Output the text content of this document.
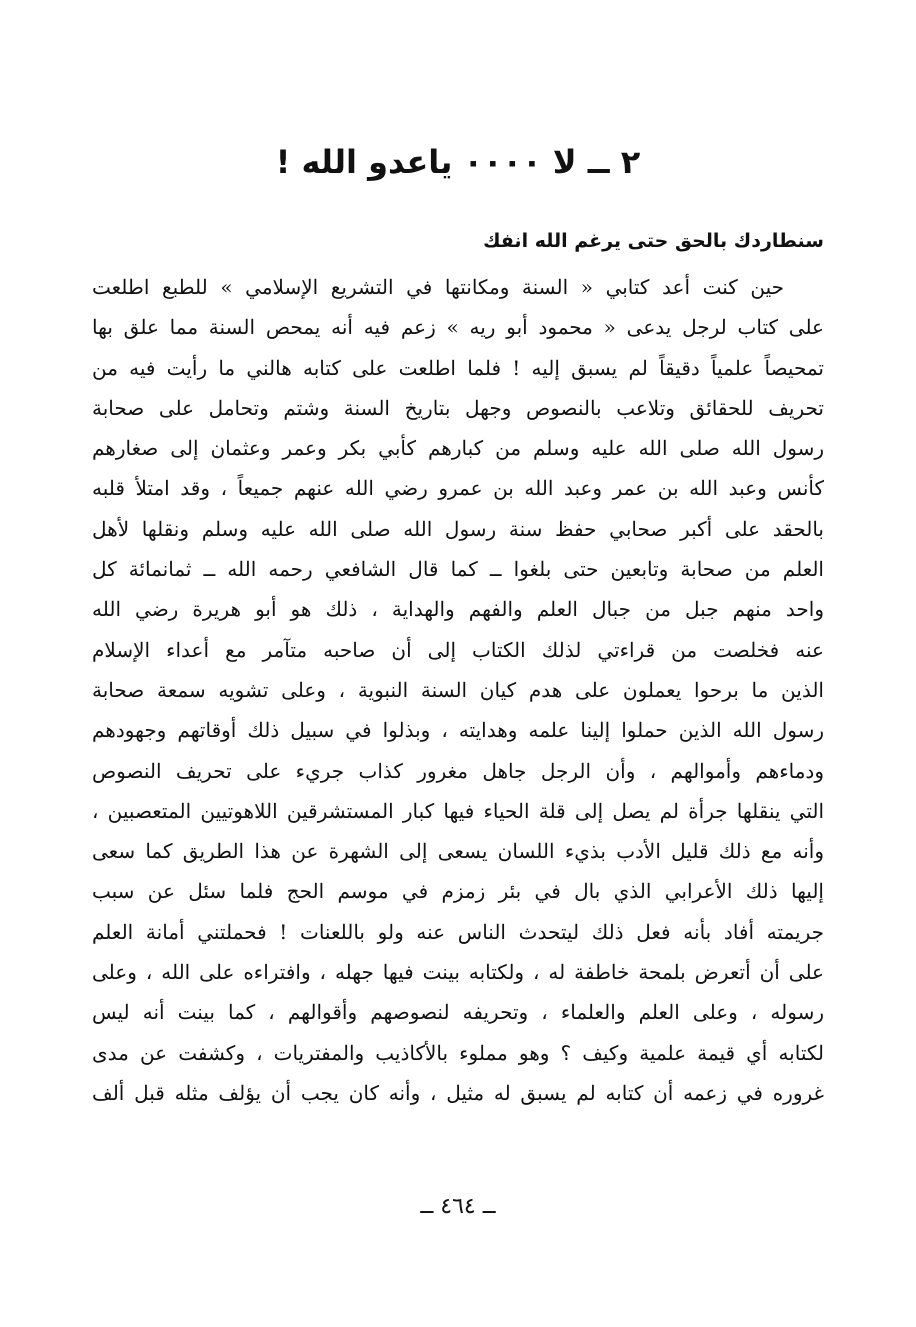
٢ ــ لا ٠٠٠٠ ياعدو الله !
سنطاردك بالحق حتى يرغم الله انفك
حين كنت أعد كتابي « السنة ومكانتها في التشريع الإسلامي » للطبع اطلعت
على كتاب لرجل يدعى « محمود أبو ريه » زعم فيه أنه يمحص السنة مما علق بها
تمحيصاً علمياً دقيقاً لم يسبق إليه ! فلما اطلعت على كتابه هالني ما رأيت فيه من
تحريف للحقائق وتلاعب بالنصوص وجهل بتاريخ السنة وشتم وتحامل على صحابة
رسول الله صلى الله عليه وسلم من كبارهم كأبي بكر وعمر وعثمان إلى صغارهم
كأنس وعبد الله بن عمر وعبد الله بن عمرو رضي الله عنهم جميعاً ، وقد امتلأ قلبه
بالحقد على أكبر صحابي حفظ سنة رسول الله صلى الله عليه وسلم ونقلها لأهل
العلم من صحابة وتابعين حتى بلغوا ــ كما قال الشافعي رحمه الله ــ ثمانمائة كل
واحد منهم جبل من جبال العلم والفهم والهداية ، ذلك هو أبو هريرة رضي الله
عنه فخلصت من قراءتي لذلك الكتاب إلى أن صاحبه متآمر مع أعداء الإسلام
الذين ما برحوا يعملون على هدم كيان السنة النبوية ، وعلى تشويه سمعة صحابة
رسول الله الذين حملوا إلينا علمه وهدايته ، وبذلوا في سبيل ذلك أوقاتهم وجهودهم
ودماءهم وأموالهم ، وأن الرجل جاهل مغرور كذاب جريء على تحريف النصوص
التي ينقلها جرأة لم يصل إلى قلة الحياء فيها كبار المستشرقين اللاهوتيين المتعصبين ،
وأنه مع ذلك قليل الأدب بذيء اللسان يسعى إلى الشهرة عن هذا الطريق كما سعى
إليها ذلك الأعرابي الذي بال في بئر زمزم في موسم الحج فلما سئل عن سبب
جريمته أفاد بأنه فعل ذلك ليتحدث الناس عنه ولو باللعنات ! فحملتني أمانة العلم
على أن أتعرض بلمحة خاطفة له ، ولكتابه بينت فيها جهله ، وافتراءه على الله ، وعلى
رسوله ، وعلى العلم والعلماء ، وتحريفه لنصوصهم وأقوالهم ، كما بينت أنه ليس
لكتابه أي قيمة علمية وكيف ؟ وهو مملوء بالأكاذيب والمفتريات ، وكشفت عن مدى
غروره في زعمه أن كتابه لم يسبق له مثيل ، وأنه كان يجب أن يؤلف مثله قبل ألف
ــ ٤٦٤ ــ
